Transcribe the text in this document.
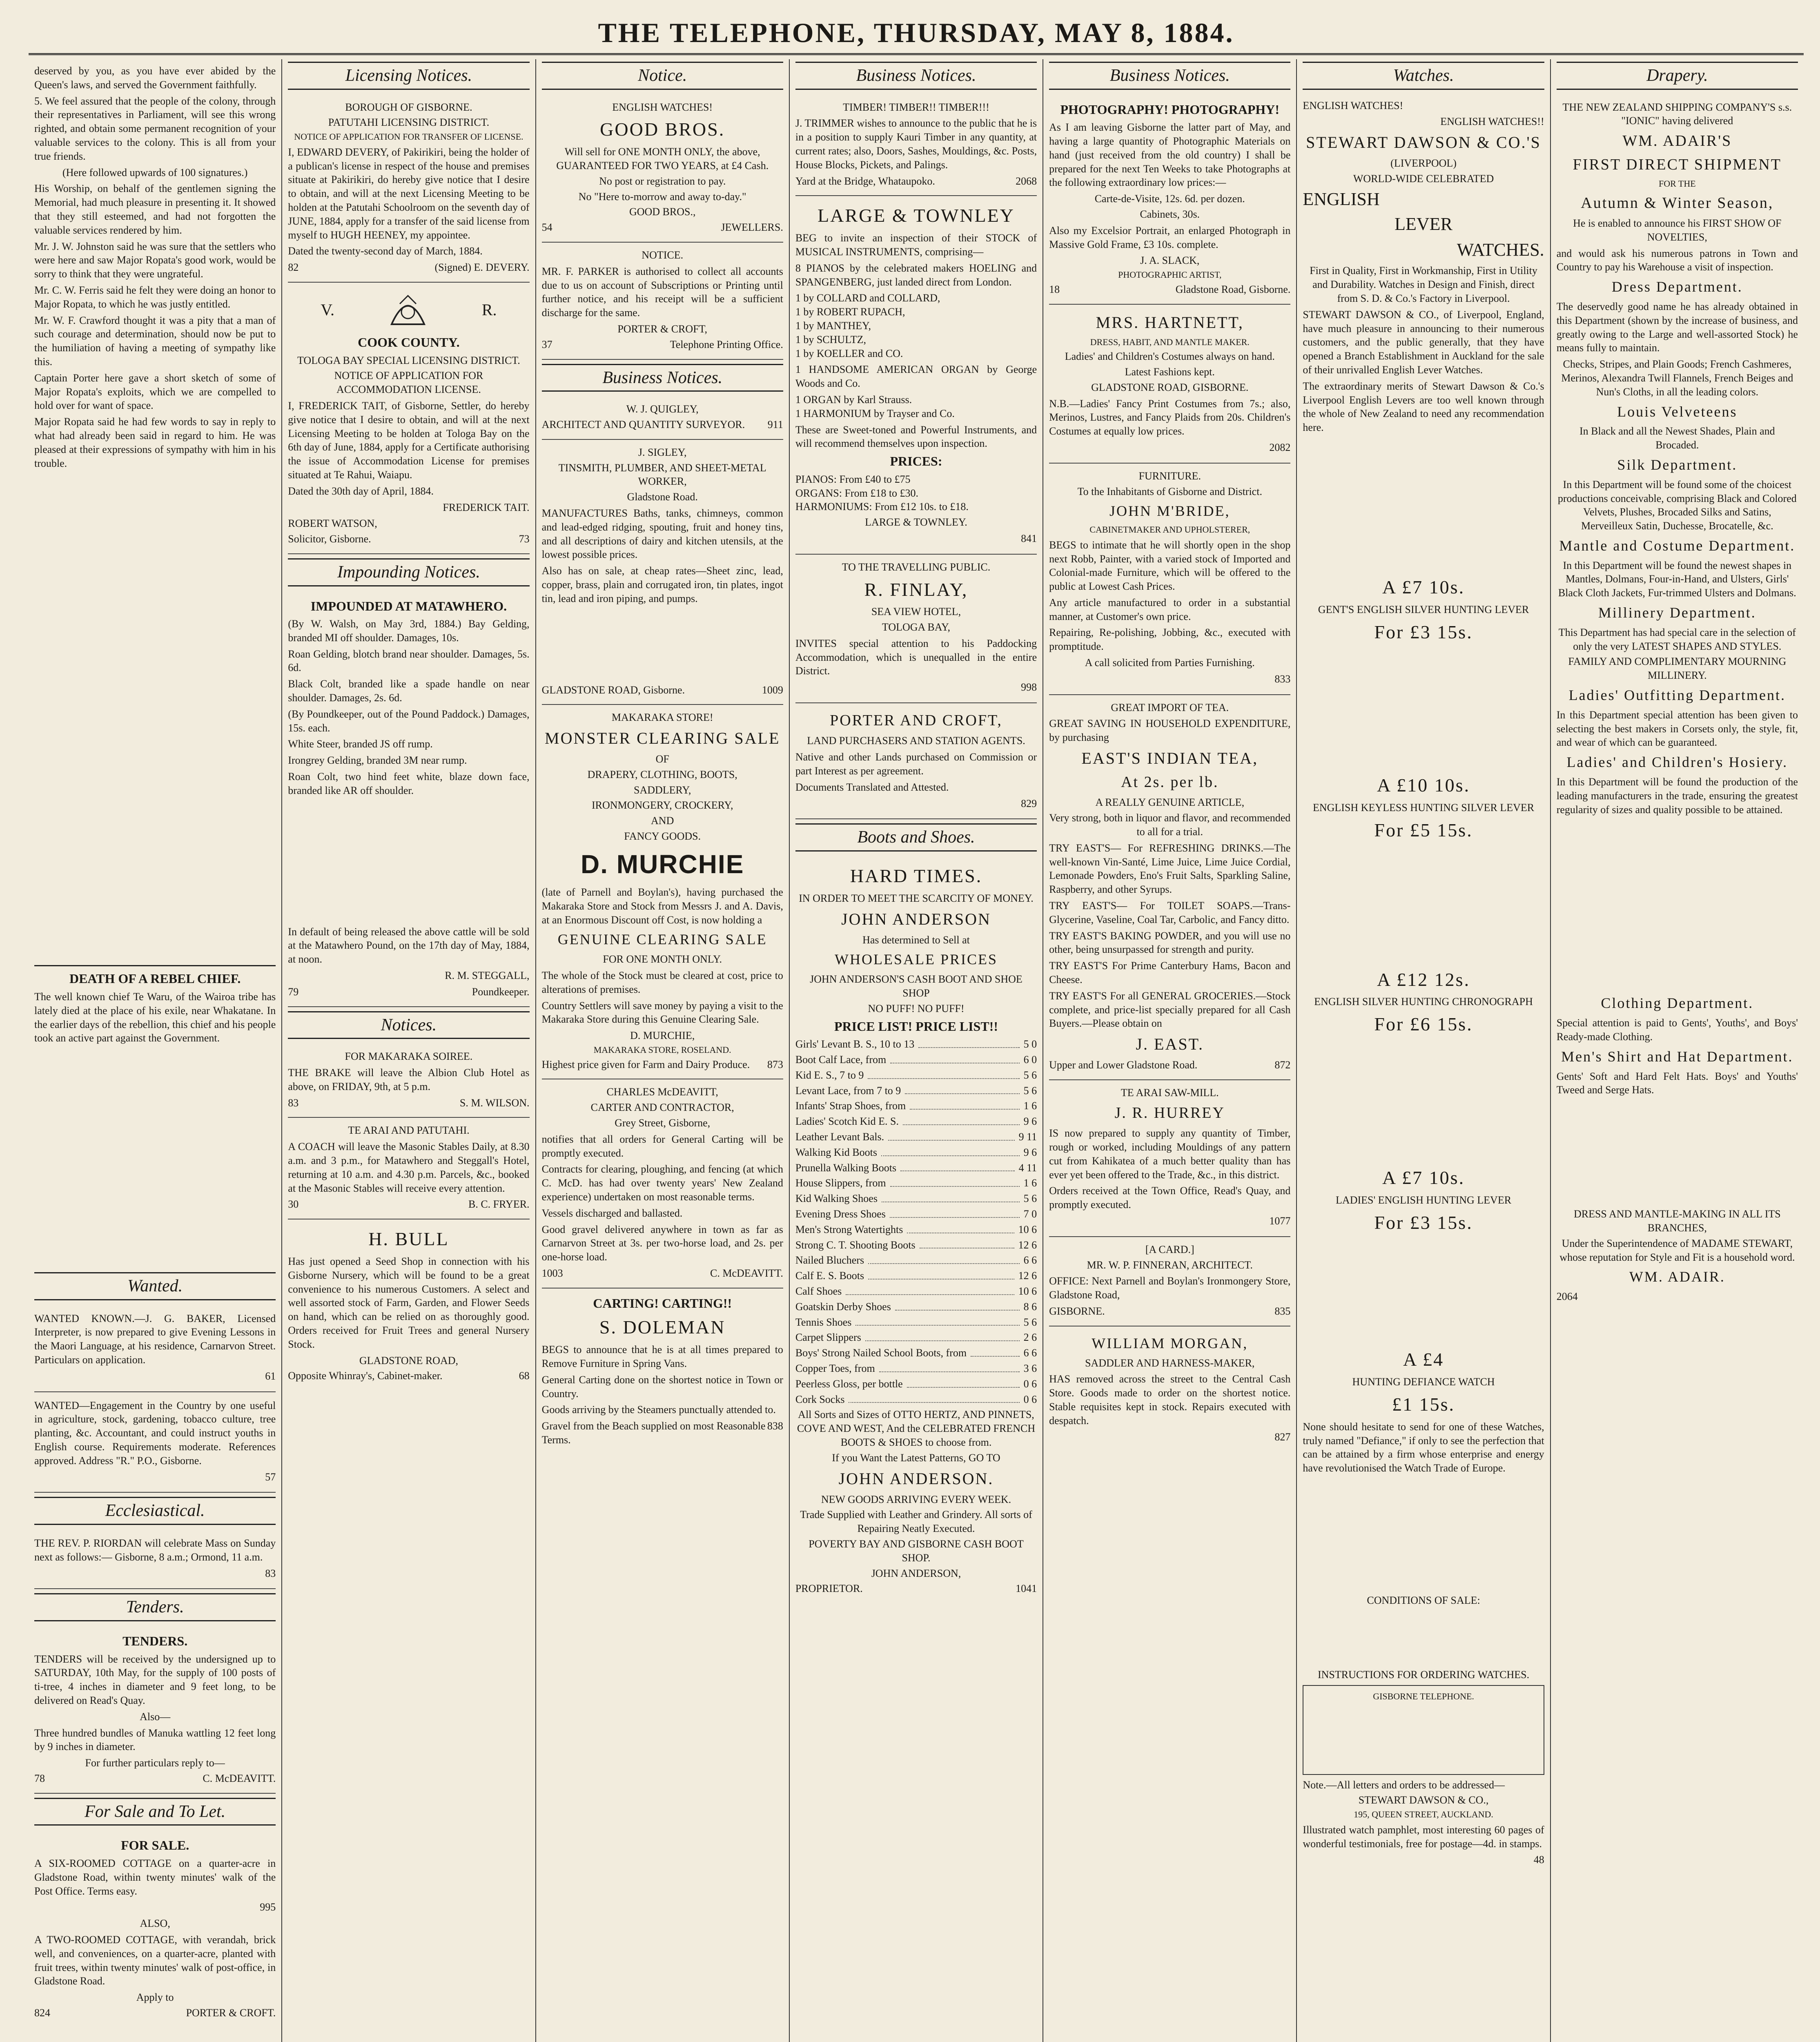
THE TELEPHONE, THURSDAY, MAY 8, 1884.

deserved by you, as you have ever abided by the Queen's laws, and served the Government faithfully.

5. We feel assured that the people of the colony, through their representatives in Parliament, will see this wrong righted, and obtain some permanent recognition of your valuable services to the colony. This is all from your true friends.

(Here followed upwards of 100 signatures.)

His Worship, on behalf of the gentlemen signing the Memorial, had much pleasure in presenting it. It showed that they still esteemed, and had not forgotten the valuable services rendered by him.

Mr. J. W. Johnston said he was sure that the settlers who were here and saw Major Ropata's good work, would be sorry to think that they were ungrateful.

Mr. C. W. Ferris said he felt they were doing an honor to Major Ropata, to which he was justly entitled.

Mr. W. F. Crawford thought it was a pity that a man of such courage and determination, should now be put to the humiliation of having a meeting of sympathy like this.

Captain Porter here gave a short sketch of some of Major Ropata's exploits, which we are compelled to hold over for want of space.

Major Ropata said he had few words to say in reply to what had already been said in regard to him. He was pleased at their expressions of sympathy with him in his trouble.

DEATH OF A REBEL CHIEF.

The well known chief Te Waru, of the Wairoa tribe has lately died at the place of his exile, near Whakatane. In the earlier days of the rebellion, this chief and his people took an active part against the Government.

Wanted.

WANTED KNOWN.—J. G. BAKER, Licensed Interpreter, is now prepared to give Evening Lessons in the Maori Language, at his residence, Carnarvon Street. Particulars on application.

61

WANTED—Engagement in the Country by one useful in agriculture, stock, gardening, tobacco culture, tree planting, &c. Accountant, and could instruct youths in English course. Requirements moderate. References approved. Address "R." P.O., Gisborne.

57
Ecclesiastical.

THE REV. P. RIORDAN will celebrate Mass on Sunday next as follows:— Gisborne, 8 a.m.; Ormond, 11 a.m.

83
Tenders.
TENDERS.

TENDERS will be received by the undersigned up to SATURDAY, 10th May, for the supply of 100 posts of ti-tree, 4 inches in diameter and 9 feet long, to be delivered on Read's Quay.

Also—

Three hundred bundles of Manuka wattling 12 feet long by 9 inches in diameter.

For further particulars reply to—

78	C. McDEAVITT.
For Sale and To Let.
FOR SALE.

A SIX-ROOMED COTTAGE on a quarter-acre in Gladstone Road, within twenty minutes' walk of the Post Office. Terms easy.

995

ALSO,

A TWO-ROOMED COTTAGE, with verandah, brick well, and conveniences, on a quarter-acre, planted with fruit trees, within twenty minutes' walk of post-office, in Gladstone Road.

Apply to

824	PORTER & CROFT.
Licensing Notices.
BOROUGH OF GISBORNE.
PATUTAHI LICENSING DISTRICT.
NOTICE OF APPLICATION FOR TRANSFER OF LICENSE.

I, EDWARD DEVERY, of Pakirikiri, being the holder of a publican's license in respect of the house and premises situate at Pakirikiri, do hereby give notice that I desire to obtain, and will at the next Licensing Meeting to be holden at the Patutahi Schoolroom on the seventh day of JUNE, 1884, apply for a transfer of the said license from myself to HUGH HEENEY, my appointee.

Dated the twenty-second day of March, 1884.

82	(Signed) E. DEVERY.
V.	R.
COOK COUNTY.
TOLOGA BAY SPECIAL LICENSING DISTRICT.
NOTICE OF APPLICATION FOR ACCOMMODATION LICENSE.

I, FREDERICK TAIT, of Gisborne, Settler, do hereby give notice that I desire to obtain, and will at the next Licensing Meeting to be holden at Tologa Bay on the 6th day of June, 1884, apply for a Certificate authorising the issue of Accommodation License for premises situated at Te Rahui, Waiapu.

Dated the 30th day of April, 1884.

FREDERICK TAIT.
ROBERT WATSON,
Solicitor, Gisborne.	73
Impounding Notices.
IMPOUNDED AT MATAWHERO.

(By W. Walsh, on May 3rd, 1884.) Bay Gelding, branded MI off shoulder. Damages, 10s.

Roan Gelding, blotch brand near shoulder. Damages, 5s. 6d.

Black Colt, branded like a spade handle on near shoulder. Damages, 2s. 6d.

(By Poundkeeper, out of the Pound Paddock.) Damages, 15s. each.

White Steer, branded JS off rump.

Irongrey Gelding, branded 3M near rump.

Roan Colt, two hind feet white, blaze down face, branded like AR off shoulder.

In default of being released the above cattle will be sold at the Matawhero Pound, on the 17th day of May, 1884, at noon.

R. M. STEGGALL,
79	Poundkeeper.
Notices.
FOR MAKARAKA SOIREE.

THE BRAKE will leave the Albion Club Hotel as above, on FRIDAY, 9th, at 5 p.m.

83	S. M. WILSON.
TE ARAI AND PATUTAHI.

A COACH will leave the Masonic Stables Daily, at 8.30 a.m. and 3 p.m., for Matawhero and Steggall's Hotel, returning at 10 a.m. and 4.30 p.m. Parcels, &c., booked at the Masonic Stables will receive every attention.

30	B. C. FRYER.
H. BULL

Has just opened a Seed Shop in connection with his Gisborne Nursery, which will be found to be a great convenience to his numerous Customers. A select and well assorted stock of Farm, Garden, and Flower Seeds on hand, which can be relied on as thoroughly good. Orders received for Fruit Trees and general Nursery Stock.

GLADSTONE ROAD,
Opposite Whinray's, Cabinet-maker.	68
Notice.
ENGLISH WATCHES!
GOOD BROS.

Will sell for ONE MONTH ONLY, the above, GUARANTEED FOR TWO YEARS, at £4 Cash.

No post or registration to pay.

No "Here to-morrow and away to-day."

GOOD BROS.,
54	JEWELLERS.
NOTICE.

MR. F. PARKER is authorised to collect all accounts due to us on account of Subscriptions or Printing until further notice, and his receipt will be a sufficient discharge for the same.

PORTER & CROFT,
37	Telephone Printing Office.
Business Notices.
W. J. QUIGLEY,
ARCHITECT AND QUANTITY SURVEYOR. 911
J. SIGLEY,
TINSMITH, PLUMBER, AND SHEET-METAL WORKER,
Gladstone Road.

MANUFACTURES Baths, tanks, chimneys, common and lead-edged ridging, spouting, fruit and honey tins, and all descriptions of dairy and kitchen utensils, at the lowest possible prices.

Also has on sale, at cheap rates—Sheet zinc, lead, copper, brass, plain and corrugated iron, tin plates, ingot tin, lead and iron piping, and pumps.

GLADSTONE ROAD, Gisborne.	1009
MAKARAKA STORE!
MONSTER CLEARING SALE
OF
DRAPERY, CLOTHING, BOOTS,
SADDLERY,
IRONMONGERY, CROCKERY,
AND
FANCY GOODS.
D. MURCHIE

(late of Parnell and Boylan's), having purchased the Makaraka Store and Stock from Messrs J. and A. Davis, at an Enormous Discount off Cost, is now holding a

GENUINE CLEARING SALE
FOR ONE MONTH ONLY.

The whole of the Stock must be cleared at cost, price to alterations of premises.

Country Settlers will save money by paying a visit to the Makaraka Store during this Genuine Clearing Sale.

D. MURCHIE,
MAKARAKA STORE, ROSELAND.
Highest price given for Farm and Dairy Produce. 873
CHARLES McDEAVITT,
CARTER AND CONTRACTOR,
Grey Street, Gisborne,

notifies that all orders for General Carting will be promptly executed.

Contracts for clearing, ploughing, and fencing (at which C. McD. has had over twenty years' New Zealand experience) undertaken on most reasonable terms.

Vessels discharged and ballasted.

Good gravel delivered anywhere in town as far as Carnarvon Street at 3s. per two-horse load, and 2s. per one-horse load.

1003	C. McDEAVITT.
CARTING! CARTING!!
S. DOLEMAN

BEGS to announce that he is at all times prepared to Remove Furniture in Spring Vans.

General Carting done on the shortest notice in Town or Country.

Goods arriving by the Steamers punctually attended to.

Gravel from the Beach supplied on most Reasonable Terms.
838
Business Notices.
TIMBER! TIMBER!! TIMBER!!!

J. TRIMMER wishes to announce to the public that he is in a position to supply Kauri Timber in any quantity, at current rates; also, Doors, Sashes, Mouldings, &c. Posts, House Blocks, Pickets, and Palings.

Yard at the Bridge, Whataupoko.	2068
LARGE & TOWNLEY

BEG to invite an inspection of their STOCK of MUSICAL INSTRUMENTS, comprising—

8 PIANOS by the celebrated makers HOELING and SPANGENBERG, just landed direct from London.

1 by COLLARD and COLLARD,
1 by ROBERT RUPACH,
1 by MANTHEY,
1 by SCHULTZ,
1 by KOELLER and CO.

1 HANDSOME AMERICAN ORGAN by George Woods and Co.

1 ORGAN by Karl Strauss.
1 HARMONIUM by Trayser and Co.

These are Sweet-toned and Powerful Instruments, and will recommend themselves upon inspection.

PRICES:
PIANOS: From £40 to £75
ORGANS: From £18 to £30.
HARMONIUMS: From £12 10s. to £18.
LARGE & TOWNLEY.
841
TO THE TRAVELLING PUBLIC.
R. FINLAY,
SEA VIEW HOTEL,
TOLOGA BAY,

INVITES special attention to his Paddocking Accommodation, which is unequalled in the entire District.

998
PORTER AND CROFT,
LAND PURCHASERS AND STATION AGENTS.

Native and other Lands purchased on Commission or part Interest as per agreement.

Documents Translated and Attested.

829
Boots and Shoes.
HARD TIMES.
IN ORDER TO MEET THE SCARCITY OF MONEY.
JOHN ANDERSON
Has determined to Sell at
WHOLESALE PRICES
JOHN ANDERSON'S CASH BOOT AND SHOE SHOP
NO PUFF! NO PUFF!
PRICE LIST! PRICE LIST!!
Girls' Levant B. S., 10 to 13	5 0
Boot Calf Lace, from	6 0
Kid E. S., 7 to 9	5 6
Levant Lace, from 7 to 9	5 6
Infants' Strap Shoes, from	1 6
Ladies' Scotch Kid E. S.	9 6
Leather Levant Bals.	9 11
Walking Kid Boots	9 6
Prunella Walking Boots	4 11
House Slippers, from	1 6
Kid Walking Shoes	5 6
Evening Dress Shoes	7 0
Men's Strong Watertights	10 6
Strong C. T. Shooting Boots	12 6
Nailed Bluchers	6 6
Calf E. S. Boots	12 6
Calf Shoes	10 6
Goatskin Derby Shoes	8 6
Tennis Shoes	5 6
Carpet Slippers	2 6
Boys' Strong Nailed School Boots, from	6 6
Copper Toes, from	3 6
Peerless Gloss, per bottle	0 6
Cork Socks	0 6

All Sorts and Sizes of OTTO HERTZ, AND PINNETS, COVE AND WEST, And the CELEBRATED FRENCH BOOTS & SHOES to choose from.

If you Want the Latest Patterns, GO TO
JOHN ANDERSON.
NEW GOODS ARRIVING EVERY WEEK.

Trade Supplied with Leather and Grindery. All sorts of Repairing Neatly Executed.

POVERTY BAY AND GISBORNE CASH BOOT SHOP.
JOHN ANDERSON,
PROPRIETOR.	1041
Business Notices.
PHOTOGRAPHY! PHOTOGRAPHY!

As I am leaving Gisborne the latter part of May, and having a large quantity of Photographic Materials on hand (just received from the old country) I shall be prepared for the next Ten Weeks to take Photographs at the following extraordinary low prices:—

Carte-de-Visite, 12s. 6d. per dozen.
Cabinets, 30s.

Also my Excelsior Portrait, an enlarged Photograph in Massive Gold Frame, £3 10s. complete.

J. A. SLACK,
PHOTOGRAPHIC ARTIST,
18	Gladstone Road, Gisborne.
MRS. HARTNETT,
DRESS, HABIT, AND MANTLE MAKER.

Ladies' and Children's Costumes always on hand.

Latest Fashions kept.
GLADSTONE ROAD, GISBORNE.

N.B.—Ladies' Fancy Print Costumes from 7s.; also, Merinos, Lustres, and Fancy Plaids from 20s. Children's Costumes at equally low prices.

2082
FURNITURE.
To the Inhabitants of Gisborne and District.
JOHN M'BRIDE,
CABINETMAKER AND UPHOLSTERER,

BEGS to intimate that he will shortly open in the shop next Robb, Painter, with a varied stock of Imported and Colonial-made Furniture, which will be offered to the public at Lowest Cash Prices.

Any article manufactured to order in a substantial manner, at Customer's own price.

Repairing, Re-polishing, Jobbing, &c., executed with promptitude.

A call solicited from Parties Furnishing.
833
GREAT IMPORT OF TEA.

GREAT SAVING IN HOUSEHOLD EXPENDITURE, by purchasing

EAST'S INDIAN TEA,
At 2s. per lb.
A REALLY GENUINE ARTICLE,

Very strong, both in liquor and flavor, and recommended to all for a trial.

TRY EAST'S— For REFRESHING DRINKS.—The well-known Vin-Santé, Lime Juice, Lime Juice Cordial, Lemonade Powders, Eno's Fruit Salts, Sparkling Saline, Raspberry, and other Syrups.

TRY EAST'S— For TOILET SOAPS.—Trans-Glycerine, Vaseline, Coal Tar, Carbolic, and Fancy ditto.

TRY EAST'S BAKING POWDER, and you will use no other, being unsurpassed for strength and purity.

TRY EAST'S For Prime Canterbury Hams, Bacon and Cheese.

TRY EAST'S For all GENERAL GROCERIES.—Stock complete, and price-list specially prepared for all Cash Buyers.—Please obtain on

J. EAST.
Upper and Lower Gladstone Road.	872
TE ARAI SAW-MILL.
J. R. HURREY

IS now prepared to supply any quantity of Timber, rough or worked, including Mouldings of any pattern cut from Kahikatea of a much better quality than has ever yet been offered to the Trade, &c., in this district.

Orders received at the Town Office, Read's Quay, and promptly executed.

1077
[A CARD.]
MR. W. P. FINNERAN, ARCHITECT.

OFFICE: Next Parnell and Boylan's Ironmongery Store, Gladstone Road,

GISBORNE.	835
WILLIAM MORGAN,
SADDLER AND HARNESS-MAKER,

HAS removed across the street to the Central Cash Store. Goods made to order on the shortest notice. Stable requisites kept in stock. Repairs executed with despatch.

827
Watches.
ENGLISH WATCHES!
ENGLISH WATCHES!!
STEWART DAWSON & CO.'S
(LIVERPOOL)
WORLD-WIDE CELEBRATED
ENGLISH
LEVER
WATCHES.

First in Quality, First in Workmanship, First in Utility and Durability. Watches in Design and Finish, direct from S. D. & Co.'s Factory in Liverpool.

STEWART DAWSON & CO., of Liverpool, England, have much pleasure in announcing to their numerous customers, and the public generally, that they have opened a Branch Establishment in Auckland for the sale of their unrivalled English Lever Watches.

The extraordinary merits of Stewart Dawson & Co.'s Liverpool English Levers are too well known through the whole of New Zealand to need any recommendation here.

A £7 10s.
GENT'S ENGLISH SILVER HUNTING LEVER
For £3 15s.
A £10 10s.
ENGLISH KEYLESS HUNTING SILVER LEVER
For £5 15s.
A £12 12s.
ENGLISH SILVER HUNTING CHRONOGRAPH
For £6 15s.
A £7 10s.
LADIES' ENGLISH HUNTING LEVER
For £3 15s.
A £4
HUNTING DEFIANCE WATCH
£1 15s.

None should hesitate to send for one of these Watches, truly named "Defiance," if only to see the perfection that can be attained by a firm whose enterprise and energy have revolutionised the Watch Trade of Europe.

CONDITIONS OF SALE:
INSTRUCTIONS FOR ORDERING WATCHES.
GISBORNE TELEPHONE.
Note.—All letters and orders to be addressed—
STEWART DAWSON & CO.,
195, QUEEN STREET, AUCKLAND.

Illustrated watch pamphlet, most interesting 60 pages of wonderful testimonials, free for postage—4d. in stamps.

48
Drapery.

THE NEW ZEALAND SHIPPING COMPANY'S s.s. "IONIC" having delivered

WM. ADAIR'S
FIRST DIRECT SHIPMENT
FOR THE
Autumn & Winter Season,

He is enabled to announce his FIRST SHOW OF NOVELTIES,

and would ask his numerous patrons in Town and Country to pay his Warehouse a visit of inspection.

Dress Department.

The deservedly good name he has already obtained in this Department (shown by the increase of business, and greatly owing to the Large and well-assorted Stock) he means fully to maintain.

Checks, Stripes, and Plain Goods; French Cashmeres, Merinos, Alexandra Twill Flannels, French Beiges and Nun's Cloths, in all the leading colors.

Louis Velveteens

In Black and all the Newest Shades, Plain and Brocaded.

Silk Department.

In this Department will be found some of the choicest productions conceivable, comprising Black and Colored Velvets, Plushes, Brocaded Silks and Satins, Merveilleux Satin, Duchesse, Brocatelle, &c.

Mantle and Costume Department.

In this Department will be found the newest shapes in Mantles, Dolmans, Four-in-Hand, and Ulsters, Girls' Black Cloth Jackets, Fur-trimmed Ulsters and Dolmans.

Millinery Department.

This Department has had special care in the selection of only the very LATEST SHAPES AND STYLES.

FAMILY AND COMPLIMENTARY MOURNING MILLINERY.

Ladies' Outfitting Department.

In this Department special attention has been given to selecting the best makers in Corsets only, the style, fit, and wear of which can be guaranteed.

Ladies' and Children's Hosiery.

In this Department will be found the production of the leading manufacturers in the trade, ensuring the greatest regularity of sizes and quality possible to be attained.

Clothing Department.

Special attention is paid to Gents', Youths', and Boys' Ready-made Clothing.

Men's Shirt and Hat Department.

Gents' Soft and Hard Felt Hats. Boys' and Youths' Tweed and Serge Hats.

DRESS AND MANTLE-MAKING IN ALL ITS BRANCHES,

Under the Superintendence of MADAME STEWART, whose reputation for Style and Fit is a household word.

WM. ADAIR.
2064
